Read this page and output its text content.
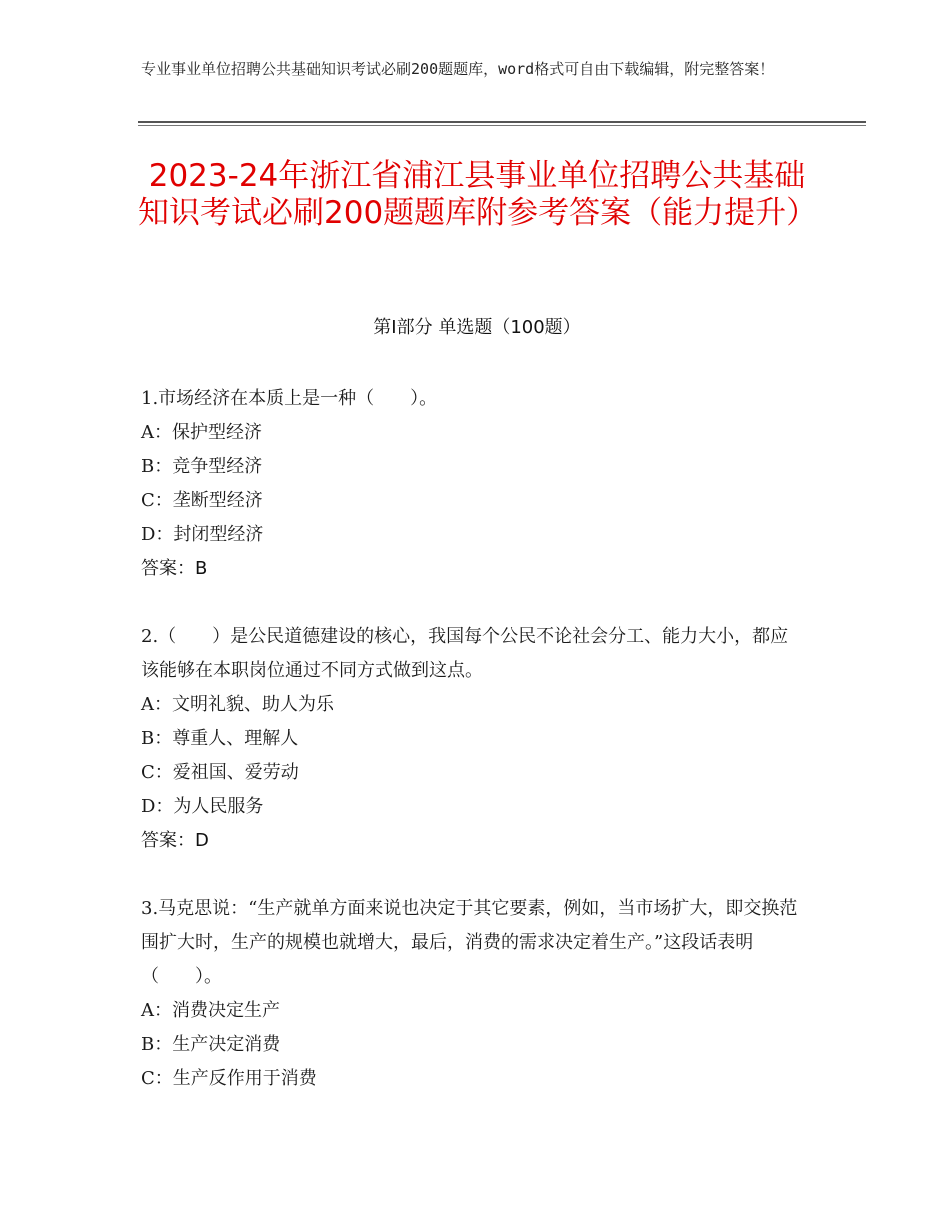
专业事业单位招聘公共基础知识考试必刷200题题库，word格式可自由下载编辑，附完整答案！
2023-24年浙江省浦江县事业单位招聘公共基础知识考试必刷200题题库附参考答案（能力提升）
第I部分 单选题（100题）
1.市场经济在本质上是一种（　　）。
A：保护型经济
B：竞争型经济
C：垄断型经济
D：封闭型经济
答案：B
2.（　　）是公民道德建设的核心，我国每个公民不论社会分工、能力大小，都应该能够在本职岗位通过不同方式做到这点。
A：文明礼貌、助人为乐
B：尊重人、理解人
C：爱祖国、爱劳动
D：为人民服务
答案：D
3.马克思说：“生产就单方面来说也决定于其它要素，例如，当市场扩大，即交换范围扩大时，生产的规模也就增大，最后，消费的需求决定着生产。”这段话表明（　　）。
A：消费决定生产
B：生产决定消费
C：生产反作用于消费
